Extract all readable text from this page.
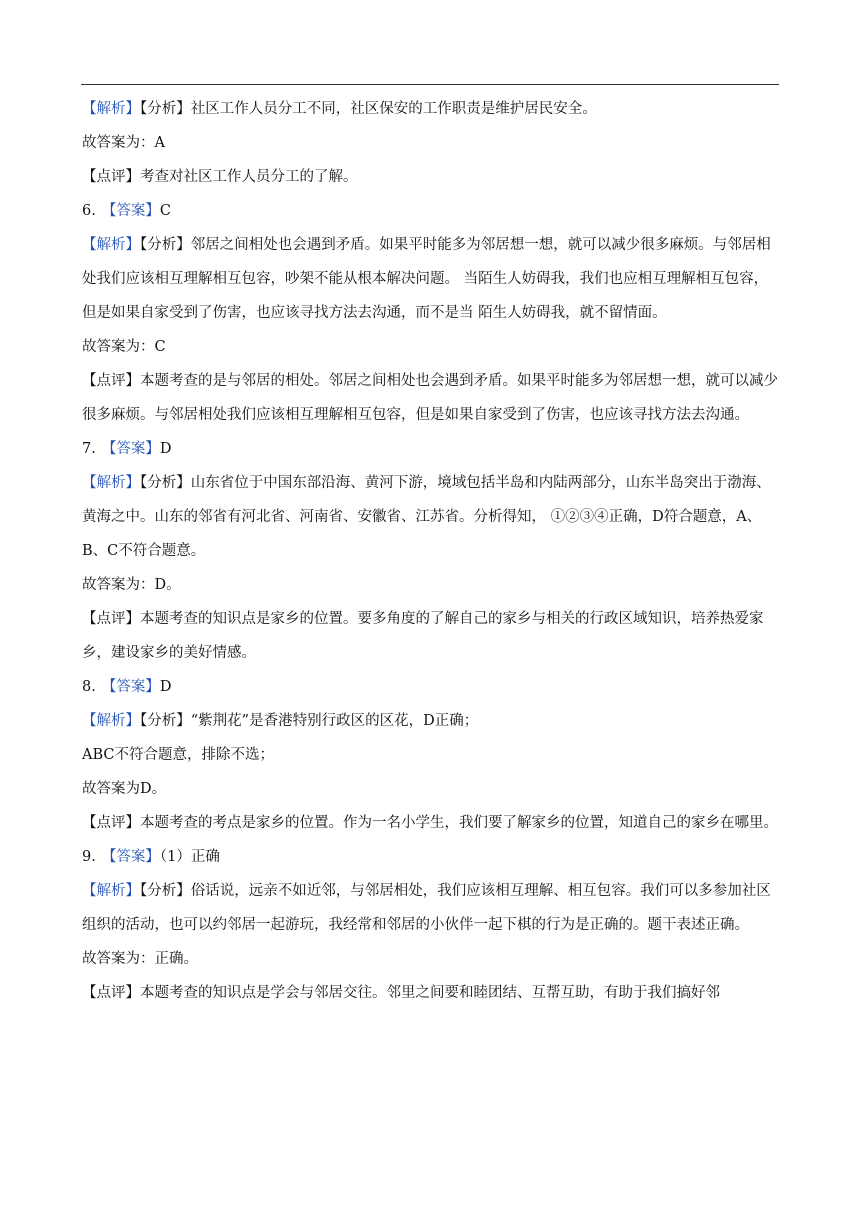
【解析】【分析】社区工作人员分工不同，社区保安的工作职责是维护居民安全。

故答案为：A

【点评】考查对社区工作人员分工的了解。

6. 【答案】C

【解析】【分析】邻居之间相处也会遇到矛盾。如果平时能多为邻居想一想，就可以减少很多麻烦。与邻居相处我们应该相互理解相互包容，吵架不能从根本解决问题。 当陌生人妨碍我，我们也应相互理解相互包容，但是如果自家受到了伤害，也应该寻找方法去沟通，而不是当 陌生人妨碍我，就不留情面。

故答案为：C

【点评】本题考查的是与邻居的相处。邻居之间相处也会遇到矛盾。如果平时能多为邻居想一想，就可以减少很多麻烦。与邻居相处我们应该相互理解相互包容，但是如果自家受到了伤害，也应该寻找方法去沟通。

7. 【答案】D

【解析】【分析】山东省位于中国东部沿海、黄河下游，境域包括半岛和内陆两部分，山东半岛突出于渤海、黄海之中。山东的邻省有河北省、河南省、安徽省、江苏省。分析得知， ①②③④正确，D符合题意，A、B、C不符合题意。

故答案为：D。

【点评】本题考查的知识点是家乡的位置。要多角度的了解自己的家乡与相关的行政区域知识，培养热爱家乡，建设家乡的美好情感。

8. 【答案】D

【解析】【分析】“紫荆花”是香港特别行政区的区花，D正确；

ABC不符合题意，排除不选；

故答案为D。

【点评】本题考查的考点是家乡的位置。作为一名小学生，我们要了解家乡的位置，知道自己的家乡在哪里。

9. 【答案】（1）正确

【解析】【分析】俗话说，远亲不如近邻，与邻居相处，我们应该相互理解、相互包容。我们可以多参加社区组织的活动，也可以约邻居一起游玩，我经常和邻居的小伙伴一起下棋的行为是正确的。题干表述正确。

故答案为：正确。

【点评】本题考查的知识点是学会与邻居交往。邻里之间要和睦团结、互帮互助，有助于我们搞好邻
